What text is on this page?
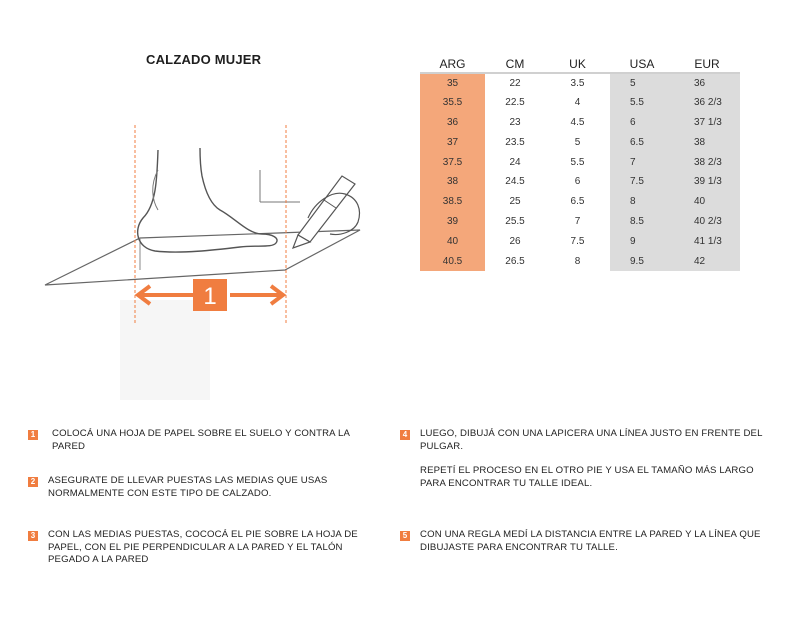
CALZADO MUJER
1
ARG	CM	UK	USA	EUR
35	22	3.5	5	36
35.5	22.5	4	5.5	36 2/3
36	23	4.5	6	37 1/3
37	23.5	5	6.5	38
37.5	24	5.5	7	38 2/3
38	24.5	6	7.5	39 1/3
38.5	25	6.5	8	40
39	25.5	7	8.5	40 2/3
40	26	7.5	9	41 1/3
40.5	26.5	8	9.5	42
1 COLOCÁ UNA HOJA DE PAPEL SOBRE EL SUELO Y CONTRA LA PARED

2 ASEGURATE DE LLEVAR PUESTAS LAS MEDIAS QUE USAS NORMALMENTE CON ESTE TIPO DE CALZADO.

3 CON LAS MEDIAS PUESTAS, COCOCÁ EL PIE SOBRE LA HOJA DE PAPEL, CON EL PIE PERPENDICULAR A LA PARED Y EL TALÓN PEGADO A LA PARED

4 LUEGO, DIBUJÁ CON UNA LAPICERA UNA LÍNEA JUSTO EN FRENTE DEL PULGAR.

REPETÍ EL PROCESO EN EL OTRO PIE Y USA EL TAMAÑO MÁS LARGO PARA ENCONTRAR TU TALLE IDEAL.

5 CON UNA REGLA MEDÍ LA DISTANCIA ENTRE LA PARED Y LA LÍNEA QUE DIBUJASTE PARA ENCONTRAR TU TALLE.
